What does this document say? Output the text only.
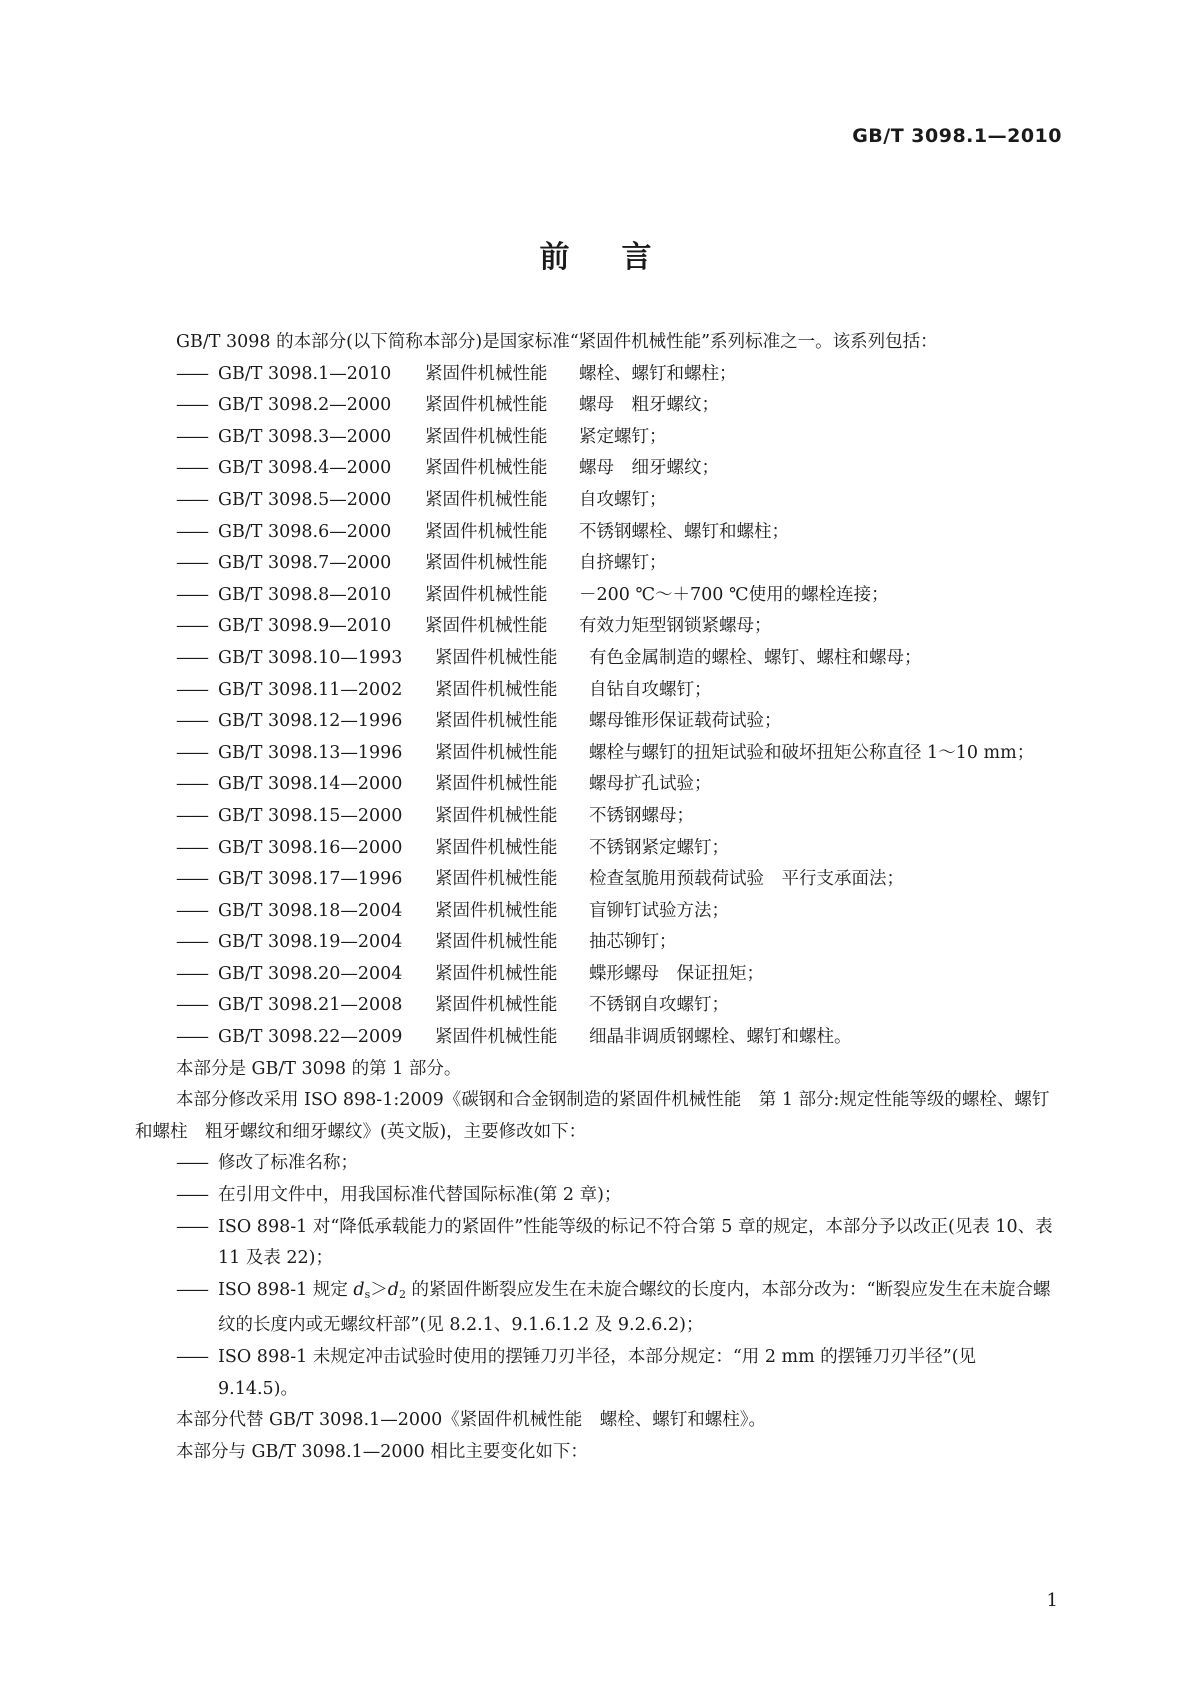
GB/T 3098.1—2010
前 言

GB/T 3098 的本部分(以下简称本部分)是国家标准“紧固件机械性能”系列标准之一。该系列包括：

—— GB/T 3098.1—2010	紧固件机械性能	螺栓、螺钉和螺柱；
—— GB/T 3098.2—2000	紧固件机械性能	螺母　粗牙螺纹；
—— GB/T 3098.3—2000	紧固件机械性能	紧定螺钉；
—— GB/T 3098.4—2000	紧固件机械性能	螺母　细牙螺纹；
—— GB/T 3098.5—2000	紧固件机械性能	自攻螺钉；
—— GB/T 3098.6—2000	紧固件机械性能	不锈钢螺栓、螺钉和螺柱；
—— GB/T 3098.7—2000	紧固件机械性能	自挤螺钉；
—— GB/T 3098.8—2010	紧固件机械性能	－200 ℃～＋700 ℃使用的螺栓连接；
—— GB/T 3098.9—2010	紧固件机械性能	有效力矩型钢锁紧螺母；
—— GB/T 3098.10—1993	紧固件机械性能	有色金属制造的螺栓、螺钉、螺柱和螺母；
—— GB/T 3098.11—2002	紧固件机械性能	自钻自攻螺钉；
—— GB/T 3098.12—1996	紧固件机械性能	螺母锥形保证载荷试验；
—— GB/T 3098.13—1996	紧固件机械性能	螺栓与螺钉的扭矩试验和破坏扭矩公称直径 1～10 mm；
—— GB/T 3098.14—2000	紧固件机械性能	螺母扩孔试验；
—— GB/T 3098.15—2000	紧固件机械性能	不锈钢螺母；
—— GB/T 3098.16—2000	紧固件机械性能	不锈钢紧定螺钉；
—— GB/T 3098.17—1996	紧固件机械性能	检查氢脆用预载荷试验　平行支承面法；
—— GB/T 3098.18—2004	紧固件机械性能	盲铆钉试验方法；
—— GB/T 3098.19—2004	紧固件机械性能	抽芯铆钉；
—— GB/T 3098.20—2004	紧固件机械性能	蝶形螺母　保证扭矩；
—— GB/T 3098.21—2008	紧固件机械性能	不锈钢自攻螺钉；
—— GB/T 3098.22—2009	紧固件机械性能	细晶非调质钢螺栓、螺钉和螺柱。

本部分是 GB/T 3098 的第 1 部分。

本部分修改采用 ISO 898-1:2009《碳钢和合金钢制造的紧固件机械性能　第 1 部分:规定性能等级的螺栓、螺钉和螺柱　粗牙螺纹和细牙螺纹》(英文版)，主要修改如下：

—— 修改了标准名称；
—— 在引用文件中，用我国标准代替国际标准(第 2 章)；
—— ISO 898-1 对“降低承载能力的紧固件”性能等级的标记不符合第 5 章的规定，本部分予以改正(见表 10、表 11 及表 22)；
—— ISO 898-1 规定 $d_s>d_2$ 的紧固件断裂应发生在未旋合螺纹的长度内，本部分改为：“断裂应发生在未旋合螺纹的长度内或无螺纹杆部”(见 8.2.1、9.1.6.1.2 及 9.2.6.2)；
—— ISO 898-1 未规定冲击试验时使用的摆锤刀刃半径，本部分规定：“用 2 mm 的摆锤刀刃半径”(见 9.14.5)。

本部分代替 GB/T 3098.1—2000《紧固件机械性能　螺栓、螺钉和螺柱》。

本部分与 GB/T 3098.1—2000 相比主要变化如下：

1
